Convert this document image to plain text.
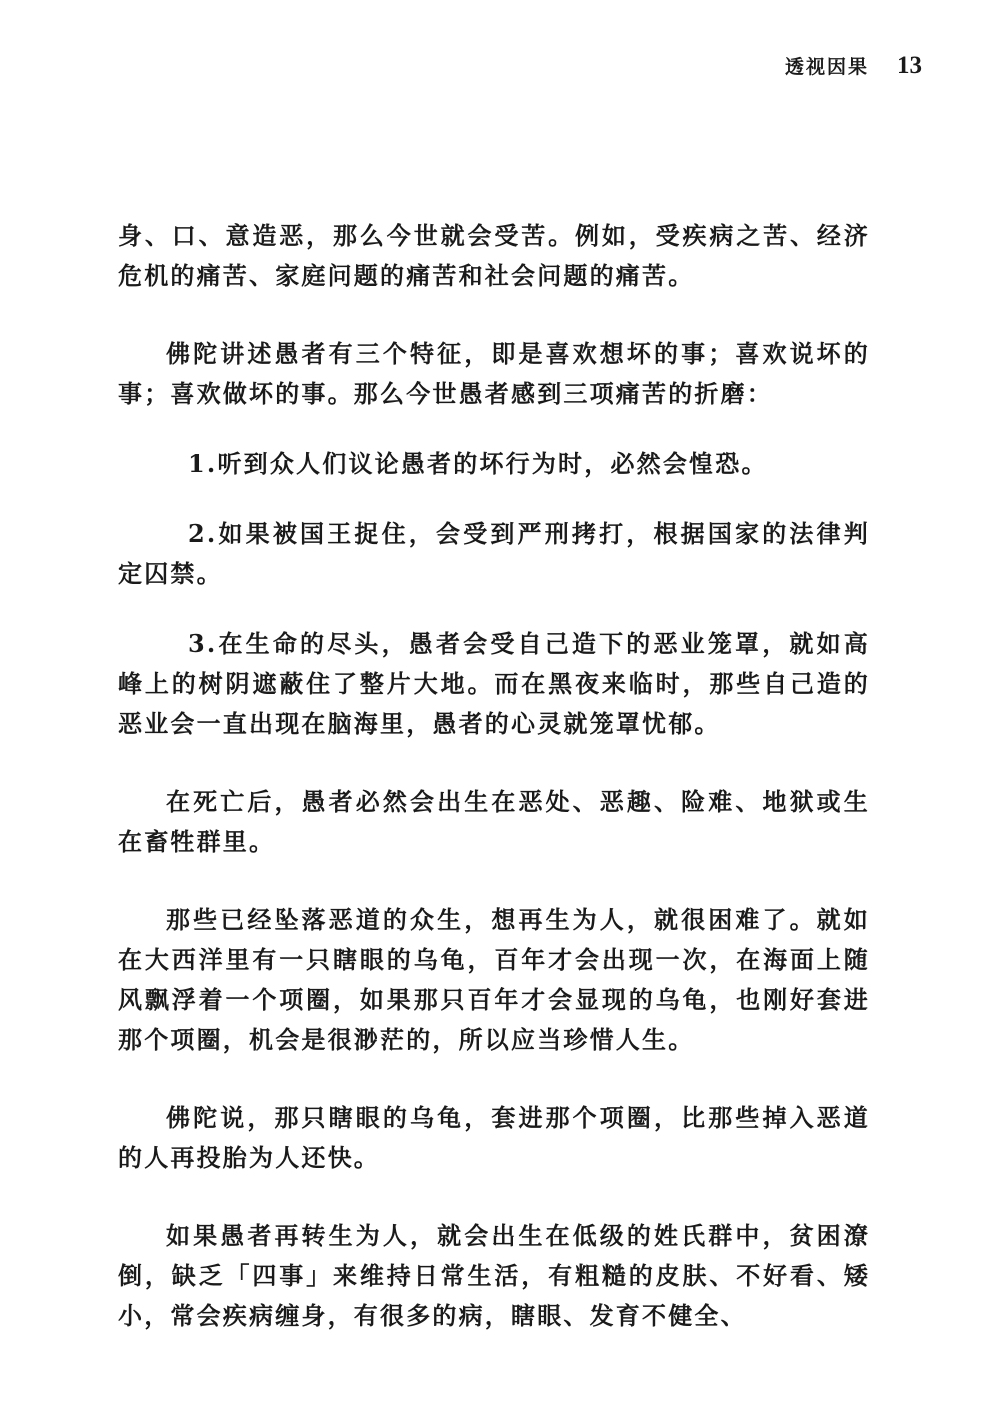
透视因果 13

身、口、意造恶，那么今世就会受苦。例如，受疾病之苦、经济危机的痛苦、家庭问题的痛苦和社会问题的痛苦。

佛陀讲述愚者有三个特征，即是喜欢想坏的事；喜欢说坏的事；喜欢做坏的事。那么今世愚者感到三项痛苦的折磨：

1.听到众人们议论愚者的坏行为时，必然会惶恐。

2.如果被国王捉住，会受到严刑拷打，根据国家的法律判定囚禁。

3.在生命的尽头，愚者会受自己造下的恶业笼罩，就如高峰上的树阴遮蔽住了整片大地。而在黑夜来临时，那些自己造的恶业会一直出现在脑海里，愚者的心灵就笼罩忧郁。

在死亡后，愚者必然会出生在恶处、恶趣、险难、地狱或生在畜牲群里。

那些已经坠落恶道的众生，想再生为人，就很困难了。就如在大西洋里有一只瞎眼的乌龟，百年才会出现一次，在海面上随风飘浮着一个项圈，如果那只百年才会显现的乌龟，也刚好套进那个项圈，机会是很渺茫的，所以应当珍惜人生。

佛陀说，那只瞎眼的乌龟，套进那个项圈，比那些掉入恶道的人再投胎为人还快。

如果愚者再转生为人，就会出生在低级的姓氏群中，贫困潦倒，缺乏「四事」来维持日常生活，有粗糙的皮肤、不好看、矮小，常会疾病缠身，有很多的病，瞎眼、发育不健全、
